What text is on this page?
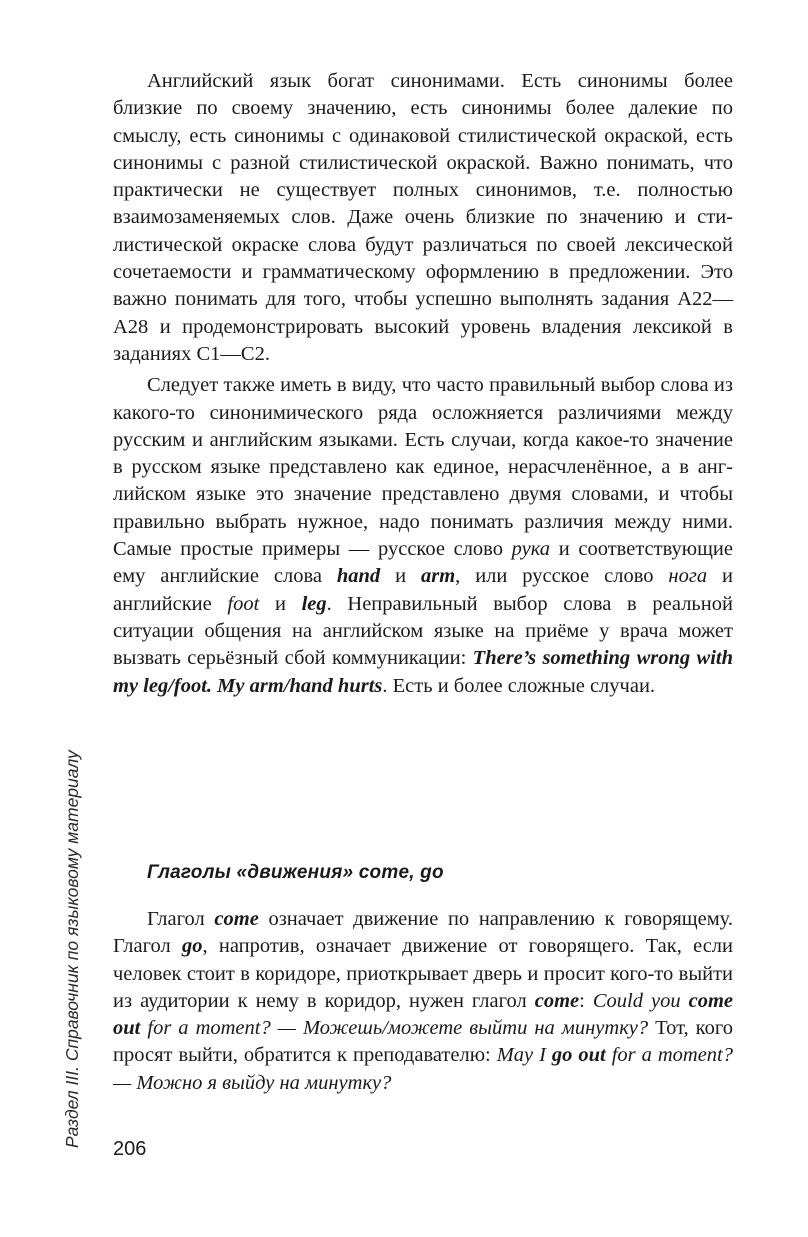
Раздел III. Справочник по языковому материалу

Английский язык богат синонимами. Есть синонимы более близкие по своему значению, есть синонимы более далекие по смыслу, есть синонимы с одинаковой стилистической окраской, есть синонимы с разной стилистической окраской. Важно понимать, что практически не существует полных синонимов, т.е. полностью взаимозаменяемых слов. Даже очень близкие по значению и стилистической окраске слова будут различаться по своей лексической сочетаемости и грамматическому оформлению в предложении. Это важно понимать для того, чтобы успешно выполнять задания А22—А28 и продемонстрировать высокий уровень владения лексикой в заданиях С1—С2.

Следует также иметь в виду, что часто правильный выбор слова из какого-то синонимического ряда осложняется различиями между русским и английским языками. Есть случаи, когда какое-то значение в русском языке представлено как единое, нерасчленённое, а в английском языке это значение представлено двумя словами, и чтобы правильно выбрать нужное, надо понимать различия между ними. Самые простые примеры — русское слово рука и соответствующие ему английские слова hand и arm, или русское слово нога и английские foot и leg. Неправильный выбор слова в реальной ситуации общения на английском языке на приёме у врача может вызвать серьёзный сбой коммуникации: There’s something wrong with my leg/foot. My arm/hand hurts. Есть и более сложные случаи.

Глаголы «движения» come, go

Глагол come означает движение по направлению к говорящему. Глагол go, напротив, означает движение от говорящего. Так, если человек стоит в коридоре, приоткрывает дверь и просит кого-то выйти из аудитории к нему в коридор, нужен глагол come: Could you come out for a moment? — Можешь/можете выйти на минутку? Тот, кого просят выйти, обратится к преподавателю: May I go out for a moment? — Можно я выйду на минутку?

206
